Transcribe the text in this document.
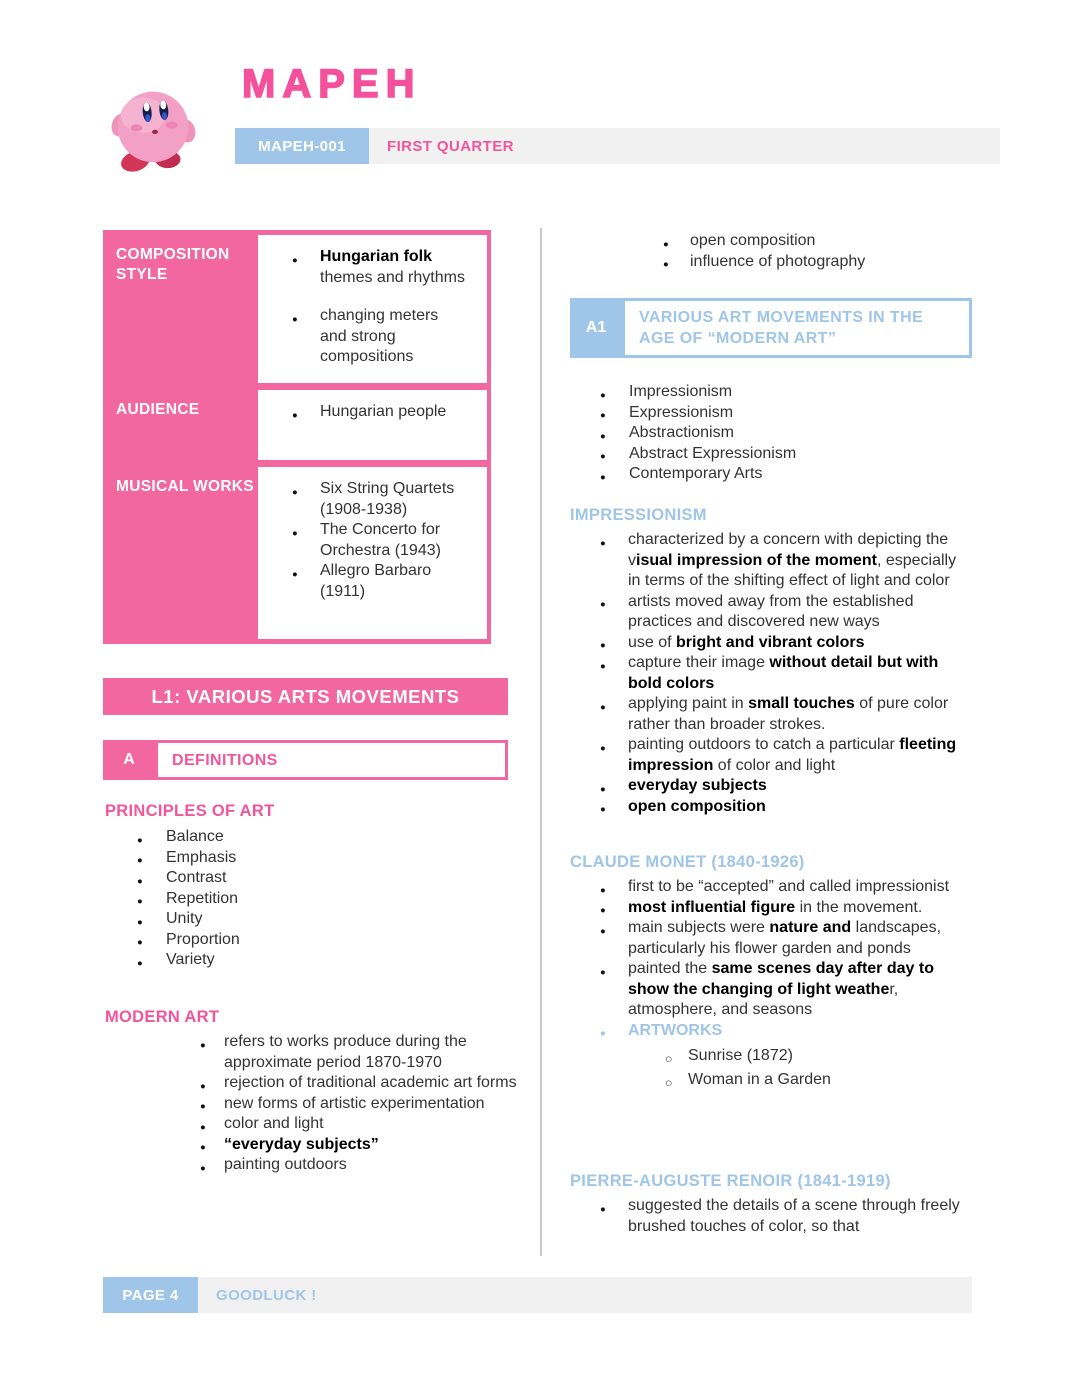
MAPEH
MAPEH-001	FIRST QUARTER
COMPOSITION STYLE
● Hungarian folk themes and rhythms
● changing meters and strong compositions
AUDIENCE	● Hungarian people
MUSICAL WORKS	● Six String Quartets (1908-1938)
● The Concerto for Orchestra (1943)
● Allegro Barbaro (1911)
L1: VARIOUS ARTS MOVEMENTS
A	DEFINITIONS
PRINCIPLES OF ART
● Balance
● Emphasis
● Contrast
● Repetition
● Unity
● Proportion
● Variety
MODERN ART
● refers to works produce during the approximate period 1870-1970
● rejection of traditional academic art forms
● new forms of artistic experimentation
● color and light
● “everyday subjects”
● painting outdoors
● open composition
● influence of photography
A1
VARIOUS ART MOVEMENTS IN THE AGE OF “MODERN ART”
● Impressionism
● Expressionism
● Abstractionism
● Abstract Expressionism
● Contemporary Arts
IMPRESSIONISM
● characterized by a concern with depicting the visual impression of the moment, especially in terms of the shifting effect of light and color
● artists moved away from the established practices and discovered new ways
● use of bright and vibrant colors
● capture their image without detail but with bold colors
● applying paint in small touches of pure color rather than broader strokes.
● painting outdoors to catch a particular fleeting impression of color and light
● everyday subjects
● open composition
CLAUDE MONET (1840-1926)
● first to be “accepted” and called impressionist
● most influential figure in the movement.
● main subjects were nature and landscapes, particularly his flower garden and ponds
● painted the same scenes day after day to show the changing of light weather, atmosphere, and seasons
● ARTWORKS
○ Sunrise (1872)
○ Woman in a Garden
PIERRE-AUGUSTE RENOIR (1841-1919)
● suggested the details of a scene through freely brushed touches of color, so that
PAGE 4	GOODLUCK !
